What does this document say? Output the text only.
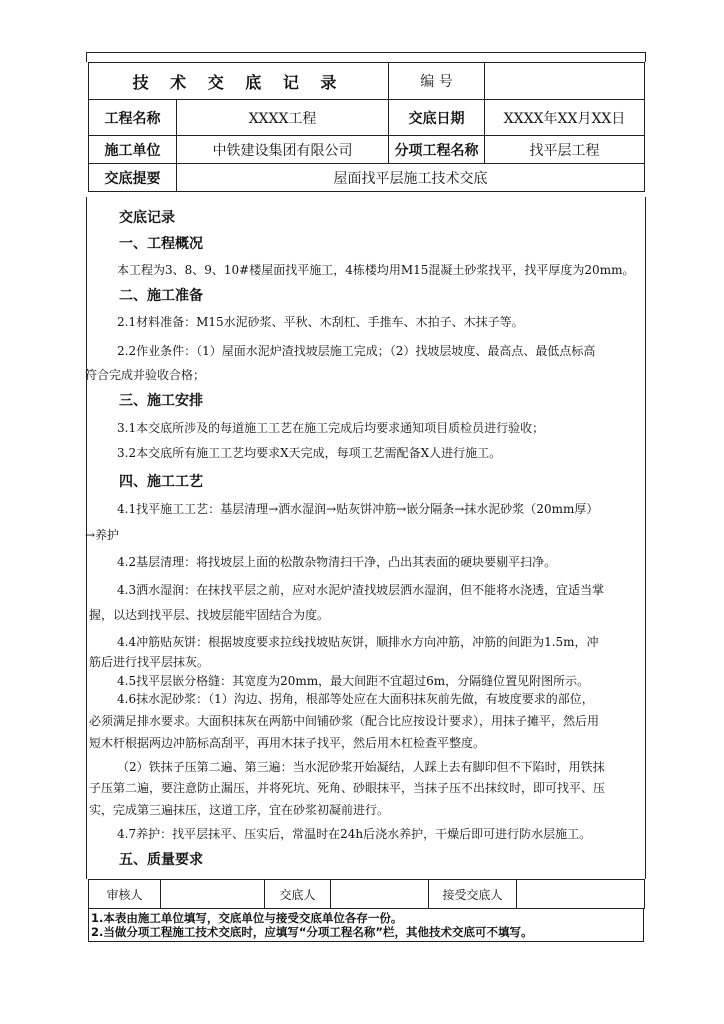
技 术 交 底 记 录		编 号	
工程名称	XXXX工程	交底日期	XXXX年XX月XX日
施工单位	中铁建设集团有限公司	分项工程名称	找平层工程
交底提要	屋面找平层施工技术交底		
交底记录
一、工程概况
本工程为3、8、9、10#楼屋面找平施工，4栋楼均用M15混凝土砂浆找平，找平厚度为20mm。
二、施工准备
2.1材料准备：M15水泥砂浆、平秋、木刮杠、手推车、木拍子、木抹子等。
2.2作业条件：（1）屋面水泥炉渣找坡层施工完成；（2）找坡层坡度、最高点、最低点标高
符合完成并验收合格；
三、施工安排
3.1本交底所涉及的每道施工工艺在施工完成后均要求通知项目质检员进行验收；
3.2本交底所有施工工艺均要求X天完成，每项工艺需配备X人进行施工。
四、施工工艺
4.1找平施工工艺：基层清理→洒水湿润→贴灰饼冲筋→嵌分隔条→抹水泥砂浆（20mm厚）
→养护
4.2基层清理：将找坡层上面的松散杂物清扫干净，凸出其表面的硬块要剔平扫净。
4.3洒水湿润：在抹找平层之前，应对水泥炉渣找坡层洒水湿润，但不能将水浇透，宜适当掌
握，以达到找平层、找坡层能牢固结合为度。
4.4冲筋贴灰饼：根据坡度要求拉线找坡贴灰饼，顺排水方向冲筋，冲筋的间距为1.5m，冲
筋后进行找平层抹灰。
4.5找平层嵌分格缝：其宽度为20mm，最大间距不宜超过6m，分隔缝位置见附图所示。
4.6抹水泥砂浆：（1）沟边、拐角，根部等处应在大面积抹灰前先做，有坡度要求的部位，
必须满足排水要求。大面积抹灰在两筋中间铺砂浆（配合比应按设计要求），用抹子摊平，然后用
短木杆根据两边冲筋标高刮平，再用木抹子找平，然后用木杠检查平整度。
（2）铁抹子压第二遍、第三遍：当水泥砂浆开始凝结，人踩上去有脚印但不下陷时，用铁抹
子压第二遍，要注意防止漏压，并将死坑、死角、砂眼抹平，当抹子压不出抹纹时，即可找平、压
实，完成第三遍抹压，这道工序，宜在砂浆初凝前进行。
4.7养护：找平层抹平、压实后，常温时在24h后浇水养护，干燥后即可进行防水层施工。
五、质量要求
审核人		交底人		接受交底人	
1.本表由施工单位填写，交底单位与接受交底单位各存一份。
2.当做分项工程施工技术交底时，应填写“分项工程名称”栏，其他技术交底可不填写。
